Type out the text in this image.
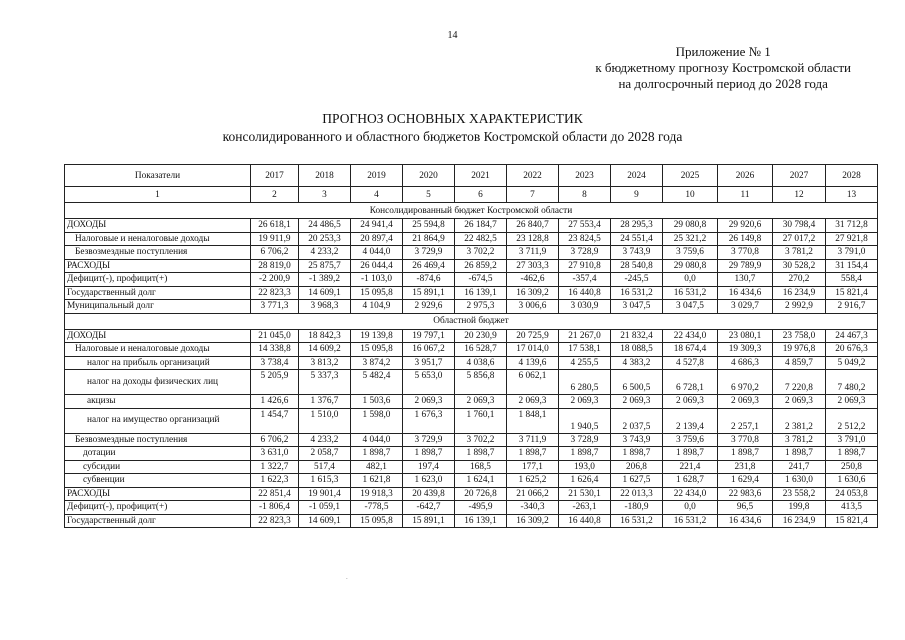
14
Приложение № 1
к бюджетному прогнозу Костромской области
на долгосрочный период до 2028 года
ПРОГНОЗ ОСНОВНЫХ ХАРАКТЕРИСТИК
консолидированного и областного бюджетов Костромской области до 2028 года
Показатели	2017	2018	2019	2020	2021	2022	2023	2024	2025	2026	2027	2028
1	2	3	4	5	6	7	8	9	10	11	12	13
Консолидированный бюджет Костромской области												
ДОХОДЫ	26 618,1	24 486,5	24 941,4	25 594,8	26 184,7	26 840,7	27 553,4	28 295,3	29 080,8	29 920,6	30 798,4	31 712,8
Налоговые и неналоговые доходы	19 911,9	20 253,3	20 897,4	21 864,9	22 482,5	23 128,8	23 824,5	24 551,4	25 321,2	26 149,8	27 017,2	27 921,8
Безвозмездные поступления	6 706,2	4 233,2	4 044,0	3 729,9	3 702,2	3 711,9	3 728,9	3 743,9	3 759,6	3 770,8	3 781,2	3 791,0
РАСХОДЫ	28 819,0	25 875,7	26 044,4	26 469,4	26 859,2	27 303,3	27 910,8	28 540,8	29 080,8	29 789,9	30 528,2	31 154,4
Дефицит(-), профицит(+)	-2 200,9	-1 389,2	-1 103,0	-874,6	-674,5	-462,6	-357,4	-245,5	0,0	130,7	270,2	558,4
Государственный долг	22 823,3	14 609,1	15 095,8	15 891,1	16 139,1	16 309,2	16 440,8	16 531,2	16 531,2	16 434,6	16 234,9	15 821,4
Муниципальный долг	3 771,3	3 968,3	4 104,9	2 929,6	2 975,3	3 006,6	3 030,9	3 047,5	3 047,5	3 029,7	2 992,9	2 916,7
Областной бюджет												
ДОХОДЫ	21 045,0	18 842,3	19 139,8	19 797,1	20 230,9	20 725,9	21 267,0	21 832,4	22 434,0	23 080,1	23 758,0	24 467,3
Налоговые и неналоговые доходы	14 338,8	14 609,2	15 095,8	16 067,2	16 528,7	17 014,0	17 538,1	18 088,5	18 674,4	19 309,3	19 976,8	20 676,3
налог на прибыль организаций	3 738,4	3 813,2	3 874,2	3 951,7	4 038,6	4 139,6	4 255,5	4 383,2	4 527,8	4 686,3	4 859,7	5 049,2
налог на доходы физических лиц	5 205,9	5 337,3	5 482,4	5 653,0	5 856,8	6 062,1	6 280,5	6 500,5	6 728,1	6 970,2	7 220,8	7 480,2
акцизы	1 426,6	1 376,7	1 503,6	2 069,3	2 069,3	2 069,3	2 069,3	2 069,3	2 069,3	2 069,3	2 069,3	2 069,3
налог на имущество организаций	1 454,7	1 510,0	1 598,0	1 676,3	1 760,1	1 848,1	1 940,5	2 037,5	2 139,4	2 257,1	2 381,2	2 512,2
Безвозмездные поступления	6 706,2	4 233,2	4 044,0	3 729,9	3 702,2	3 711,9	3 728,9	3 743,9	3 759,6	3 770,8	3 781,2	3 791,0
дотации	3 631,0	2 058,7	1 898,7	1 898,7	1 898,7	1 898,7	1 898,7	1 898,7	1 898,7	1 898,7	1 898,7	1 898,7
субсидии	1 322,7	517,4	482,1	197,4	168,5	177,1	193,0	206,8	221,4	231,8	241,7	250,8
субвенции	1 622,3	1 615,3	1 621,8	1 623,0	1 624,1	1 625,2	1 626,4	1 627,5	1 628,7	1 629,4	1 630,0	1 630,6
РАСХОДЫ	22 851,4	19 901,4	19 918,3	20 439,8	20 726,8	21 066,2	21 530,1	22 013,3	22 434,0	22 983,6	23 558,2	24 053,8
Дефицит(-), профицит(+)	-1 806,4	-1 059,1	-778,5	-642,7	-495,9	-340,3	-263,1	-180,9	0,0	96,5	199,8	413,5
Государственный долг	22 823,3	14 609,1	15 095,8	15 891,1	16 139,1	16 309,2	16 440,8	16 531,2	16 531,2	16 434,6	16 234,9	15 821,4
.
